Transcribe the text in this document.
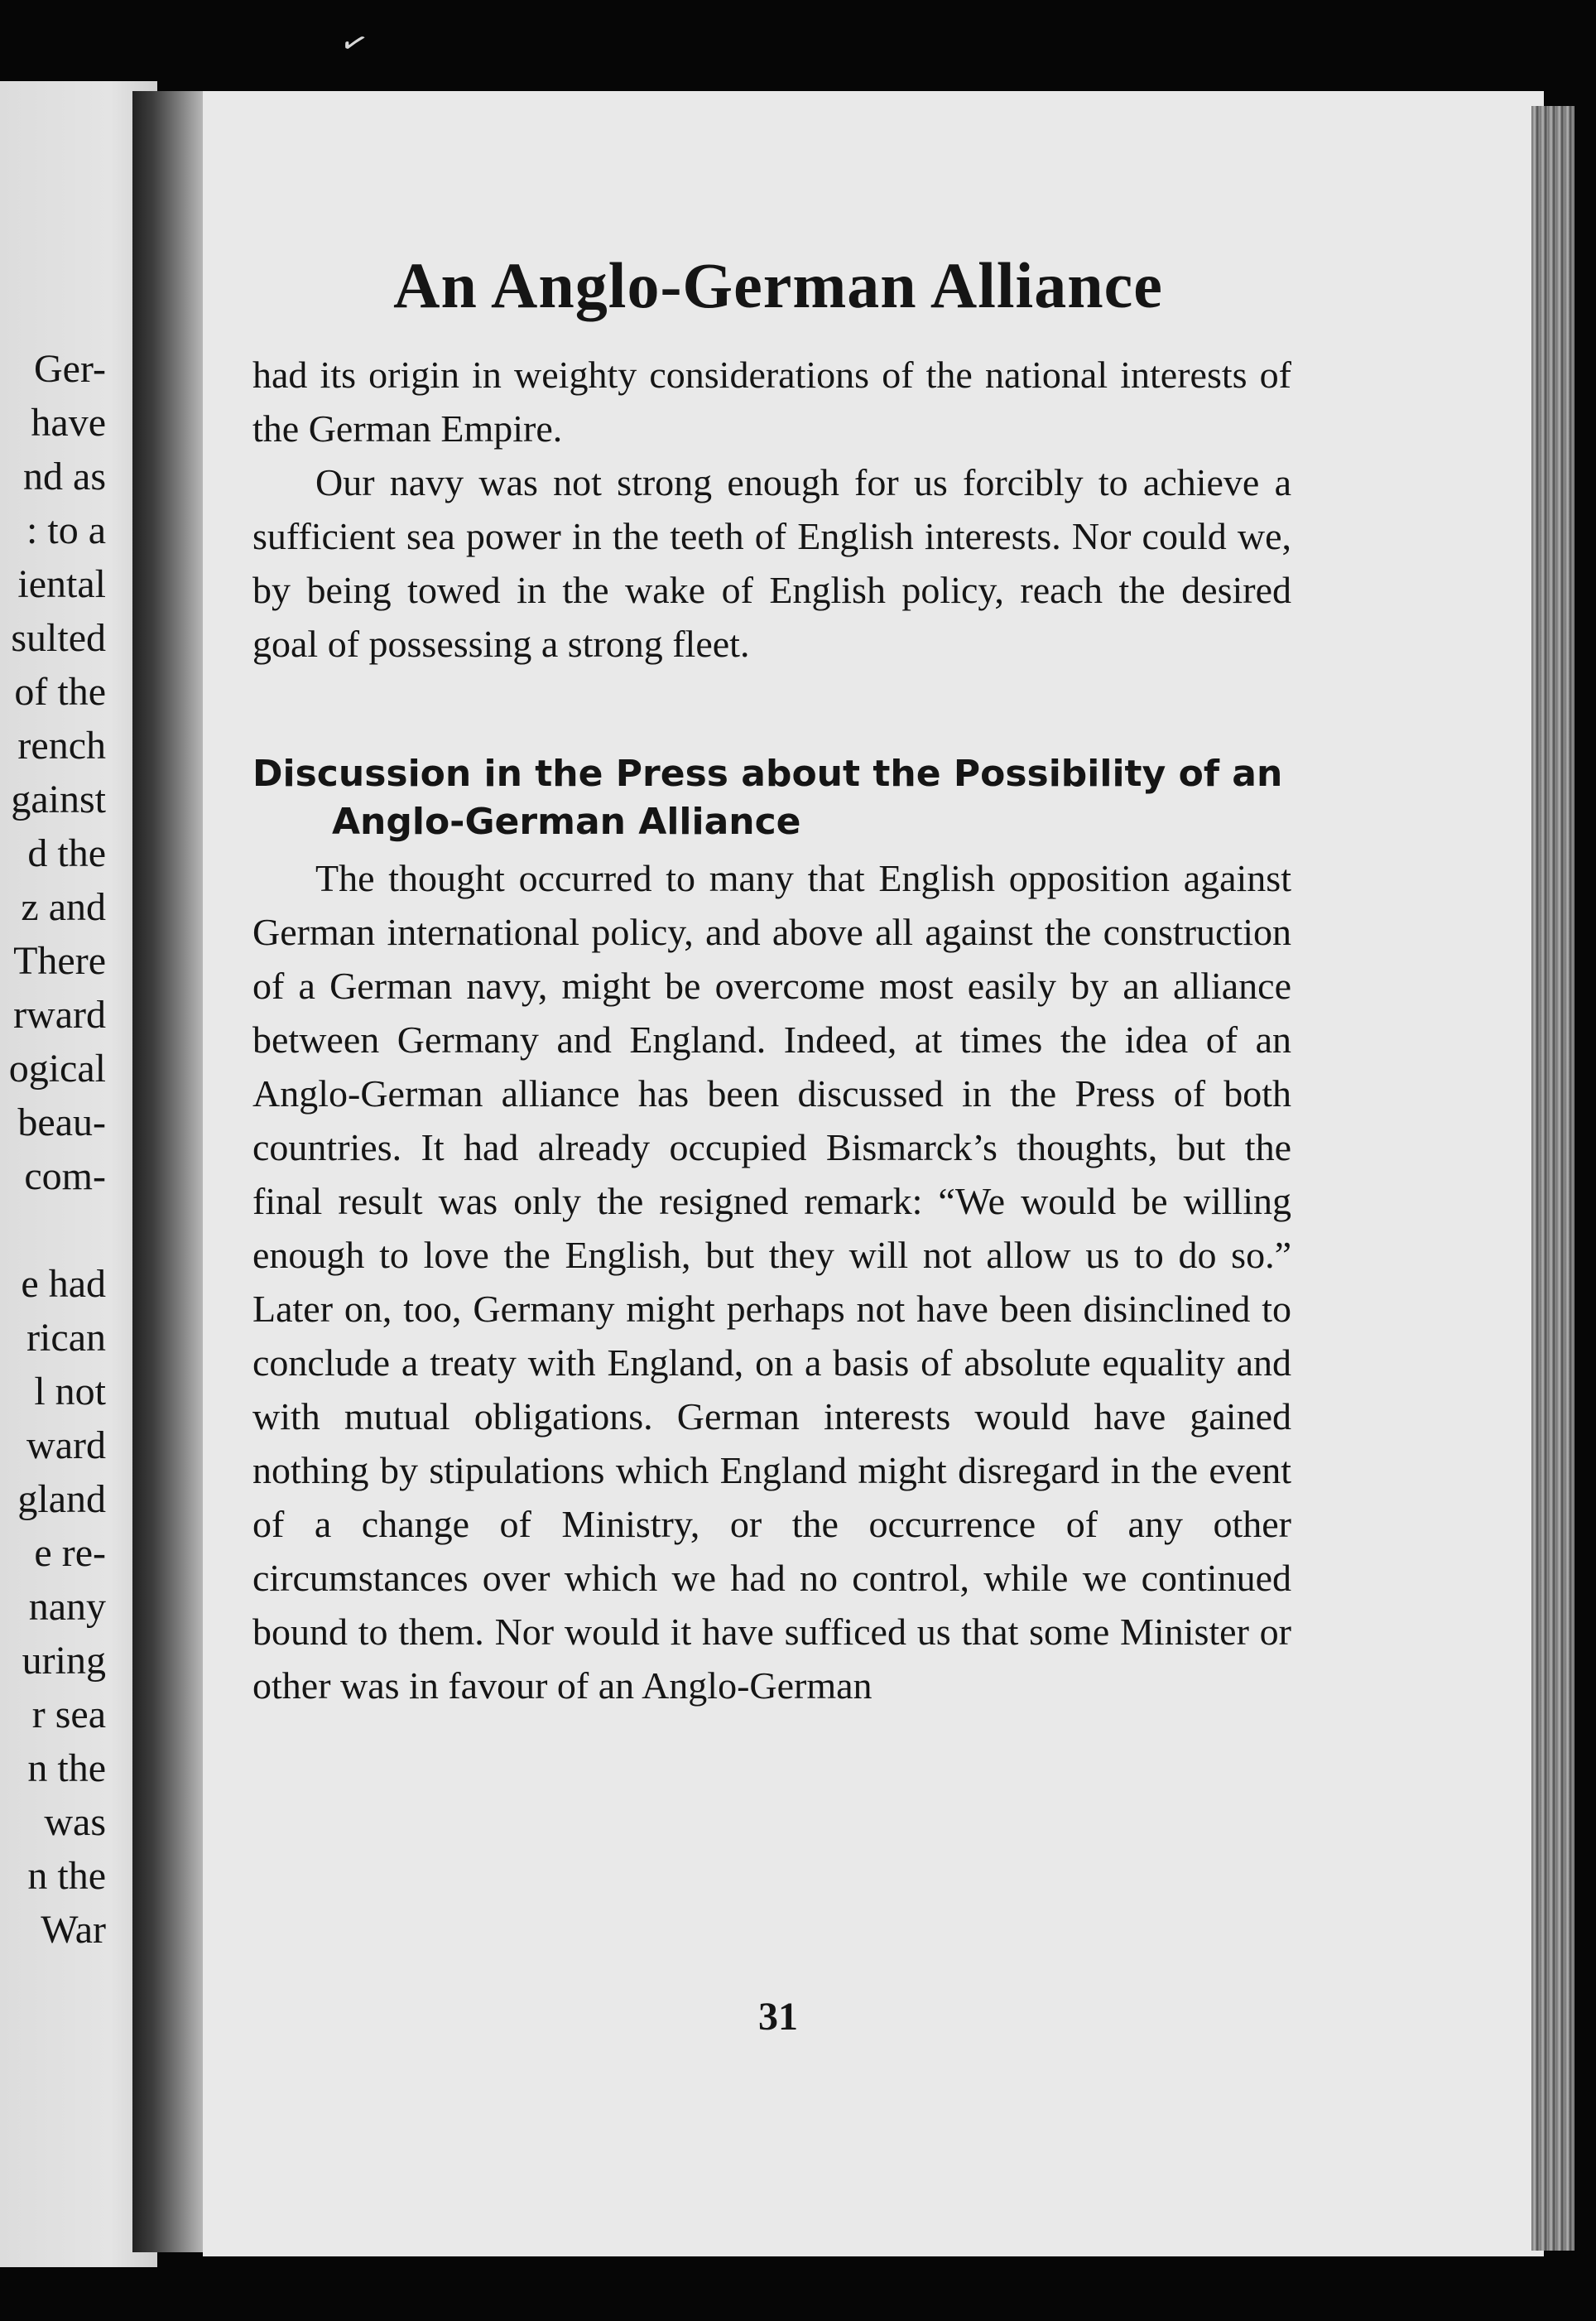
Ger-
have
nd as
: to a
iental
sulted
of the
rench
gainst
d the
z and
There
rward
ogical
beau-
com-
e had
rican
l not
ward
gland
e re-
nany
uring
r sea
n the
was
n the
War
✓
An Anglo-German Alliance

had its origin in weighty considerations of the national interests of the German Empire.

Our navy was not strong enough for us forcibly to achieve a sufficient sea power in the teeth of English interests. Nor could we, by being towed in the wake of English policy, reach the desired goal of possessing a strong fleet.

Discussion in the Press about the Possibility of an Anglo-German Alliance

The thought occurred to many that English opposition against German international policy, and above all against the construction of a German navy, might be overcome most easily by an alliance between Germany and England. Indeed, at times the idea of an Anglo-German alliance has been discussed in the Press of both countries. It had already occupied Bismarck’s thoughts, but the final result was only the resigned remark: “We would be willing enough to love the English, but they will not allow us to do so.” Later on, too, Germany might perhaps not have been disinclined to conclude a treaty with England, on a basis of absolute equality and with mutual obligations. German interests would have gained nothing by stipulations which England might disregard in the event of a change of Ministry, or the occurrence of any other circumstances over which we had no control, while we continued bound to them. Nor would it have sufficed us that some Minister or other was in favour of an Anglo-German

31
